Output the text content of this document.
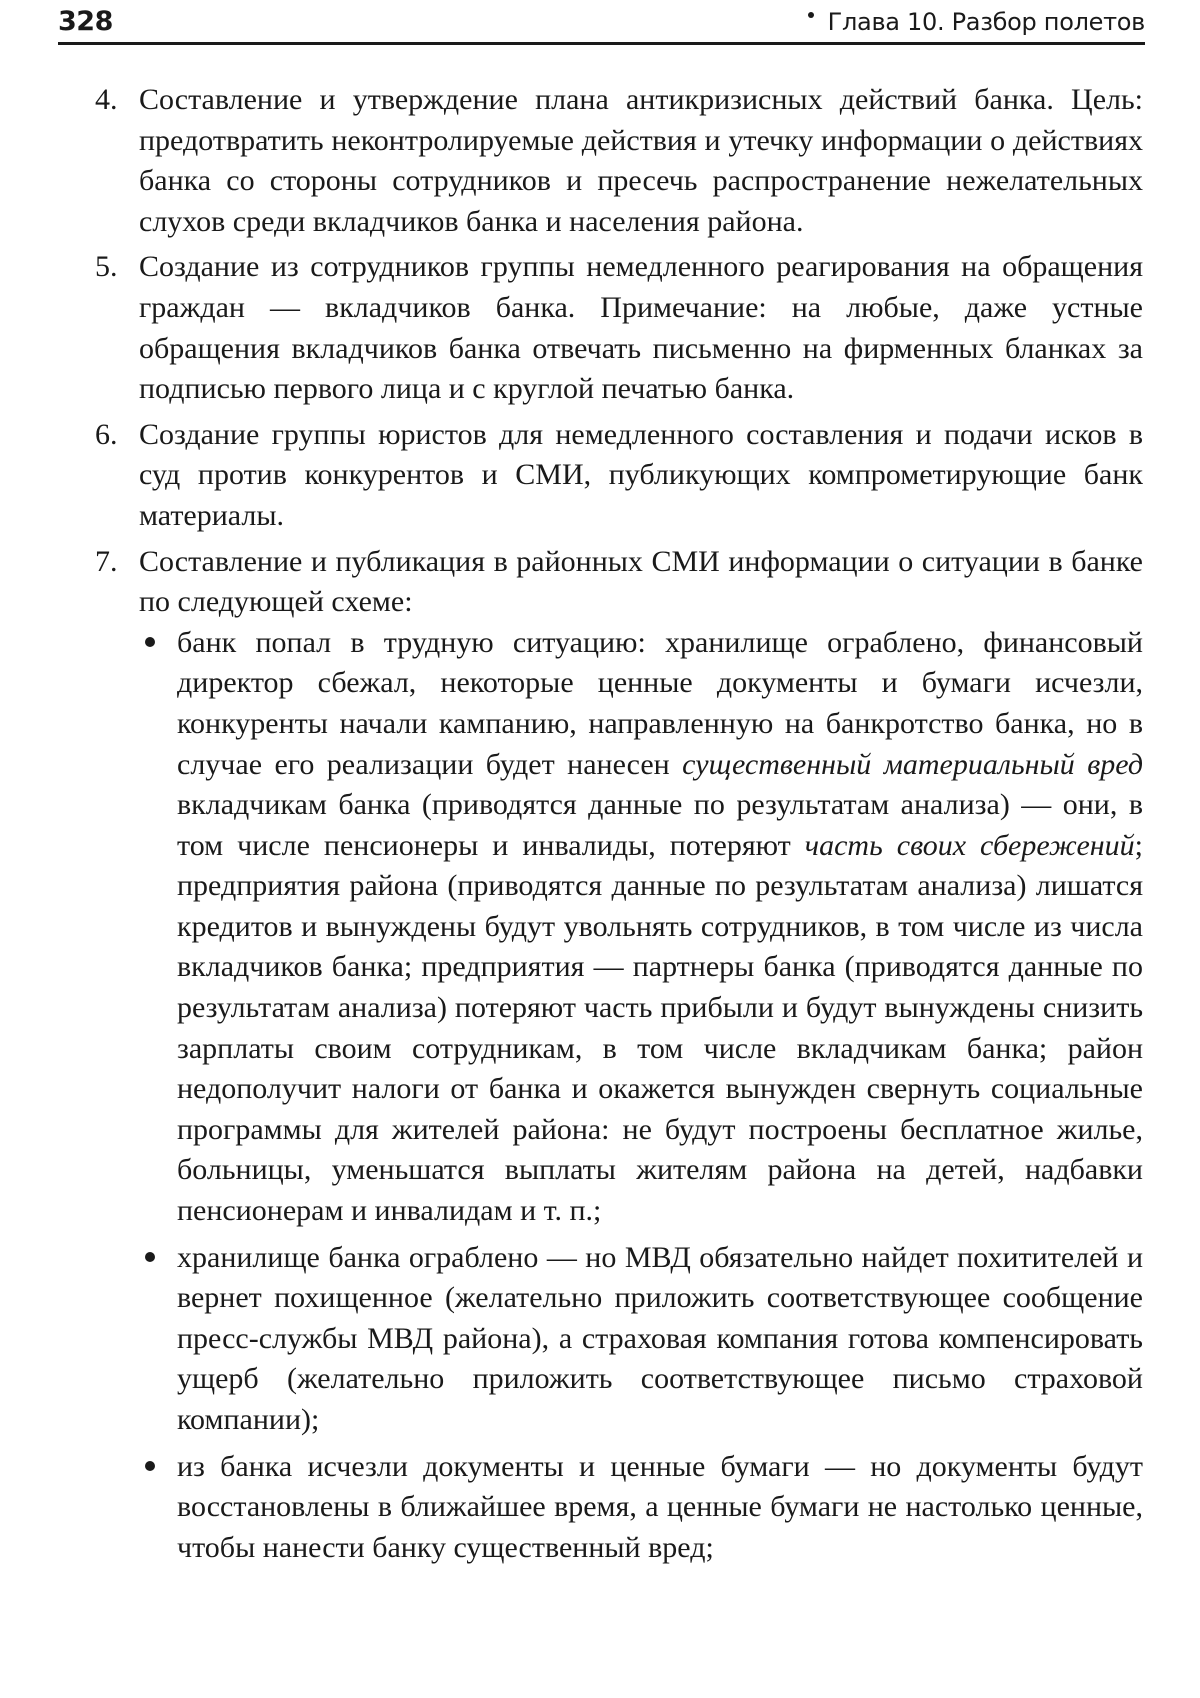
328	Глава 10. Разбор полетов
4. Составление и утверждение плана антикризисных действий банка. Цель: предотвратить неконтролируемые действия и утечку информации о действиях банка со стороны сотрудников и пресечь распространение нежелательных слухов среди вкладчиков банка и населения района.
5. Создание из сотрудников группы немедленного реагирования на обращения граждан — вкладчиков банка. Примечание: на любые, даже устные обращения вкладчиков банка отвечать письменно на фирменных бланках за подписью первого лица и с круглой печатью банка.
6. Создание группы юристов для немедленного составления и подачи исков в суд против конкурентов и СМИ, публикующих компрометирующие банк материалы.
7. Составление и публикация в районных СМИ информации о ситуации в банке по следующей схеме:
банк попал в трудную ситуацию: хранилище ограблено, финансовый директор сбежал, некоторые ценные документы и бумаги исчезли, конкуренты начали кампанию, направленную на банкротство банка, но в случае его реализации будет нанесен существенный материальный вред вкладчикам банка (приводятся данные по результатам анализа) — они, в том числе пенсионеры и инвалиды, потеряют часть своих сбережений; предприятия района (приводятся данные по результатам анализа) лишатся кредитов и вынуждены будут увольнять сотрудников, в том числе из числа вкладчиков банка; предприятия — партнеры банка (приводятся данные по результатам анализа) потеряют часть прибыли и будут вынуждены снизить зарплаты своим сотрудникам, в том числе вкладчикам банка; район недополучит налоги от банка и окажется вынужден свернуть социальные программы для жителей района: не будут построены бесплатное жилье, больницы, уменьшатся выплаты жителям района на детей, надбавки пенсионерам и инвалидам и т. п.;
хранилище банка ограблено — но МВД обязательно найдет похитителей и вернет похищенное (желательно приложить соответствующее сообщение пресс-службы МВД района), а страховая компания готова компенсировать ущерб (желательно приложить соответствующее письмо страховой компании);
из банка исчезли документы и ценные бумаги — но документы будут восстановлены в ближайшее время, а ценные бумаги не настолько ценные, чтобы нанести банку существенный вред;
